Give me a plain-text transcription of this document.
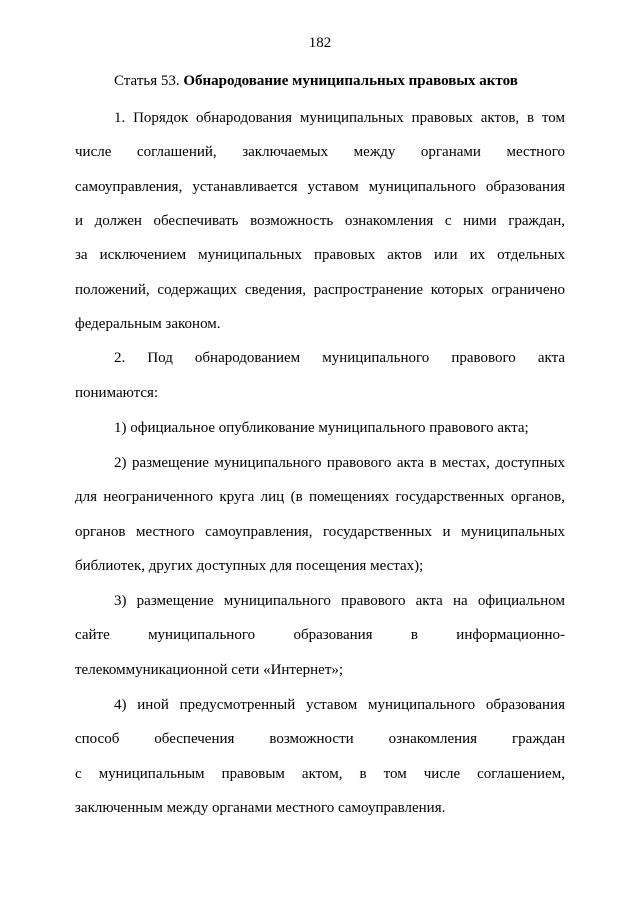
182
Статья 53. Обнародование муниципальных правовых актов
1. Порядок обнародования муниципальных правовых актов, в том
числе соглашений, заключаемых между органами местного
самоуправления, устанавливается уставом муниципального образования
и должен обеспечивать возможность ознакомления с ними граждан,
за исключением муниципальных правовых актов или их отдельных
положений, содержащих сведения, распространение которых ограничено
федеральным законом.
2. Под обнародованием муниципального правового акта
понимаются:
1) официальное опубликование муниципального правового акта;
2) размещение муниципального правового акта в местах, доступных
для неограниченного круга лиц (в помещениях государственных органов,
органов местного самоуправления, государственных и муниципальных
библиотек, других доступных для посещения местах);
3) размещение муниципального правового акта на официальном
сайте муниципального образования в информационно-
телекоммуникационной сети «Интернет»;
4) иной предусмотренный уставом муниципального образования
способ обеспечения возможности ознакомления граждан
с муниципальным правовым актом, в том числе соглашением,
заключенным между органами местного самоуправления.
